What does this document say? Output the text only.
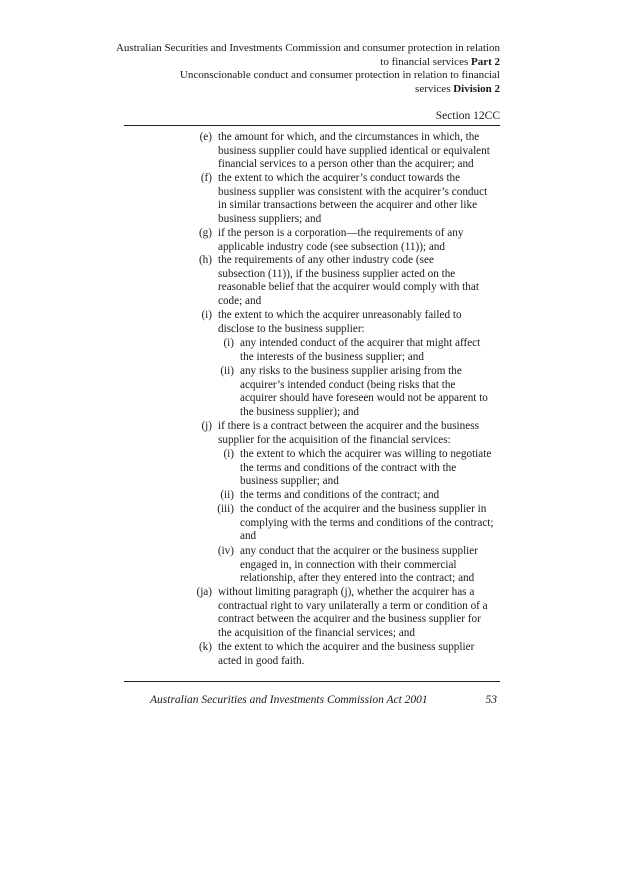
Australian Securities and Investments Commission and consumer protection in relation
to financial services Part 2
Unconscionable conduct and consumer protection in relation to financial
services Division 2
Section 12CC
(e) the amount for which, and the circumstances in which, the
business supplier could have supplied identical or equivalent
financial services to a person other than the acquirer; and
(f) the extent to which the acquirer’s conduct towards the
business supplier was consistent with the acquirer’s conduct
in similar transactions between the acquirer and other like
business suppliers; and
(g) if the person is a corporation—the requirements of any
applicable industry code (see subsection (11)); and
(h) the requirements of any other industry code (see
subsection (11)), if the business supplier acted on the
reasonable belief that the acquirer would comply with that
code; and
(i) the extent to which the acquirer unreasonably failed to
disclose to the business supplier:
(i) any intended conduct of the acquirer that might affect
the interests of the business supplier; and
(ii) any risks to the business supplier arising from the
acquirer’s intended conduct (being risks that the
acquirer should have foreseen would not be apparent to
the business supplier); and
(j) if there is a contract between the acquirer and the business
supplier for the acquisition of the financial services:
(i) the extent to which the acquirer was willing to negotiate
the terms and conditions of the contract with the
business supplier; and
(ii) the terms and conditions of the contract; and
(iii) the conduct of the acquirer and the business supplier in
complying with the terms and conditions of the contract;
and
(iv) any conduct that the acquirer or the business supplier
engaged in, in connection with their commercial
relationship, after they entered into the contract; and
(ja) without limiting paragraph (j), whether the acquirer has a
contractual right to vary unilaterally a term or condition of a
contract between the acquirer and the business supplier for
the acquisition of the financial services; and
(k) the extent to which the acquirer and the business supplier
acted in good faith.
Australian Securities and Investments Commission Act 2001	53
